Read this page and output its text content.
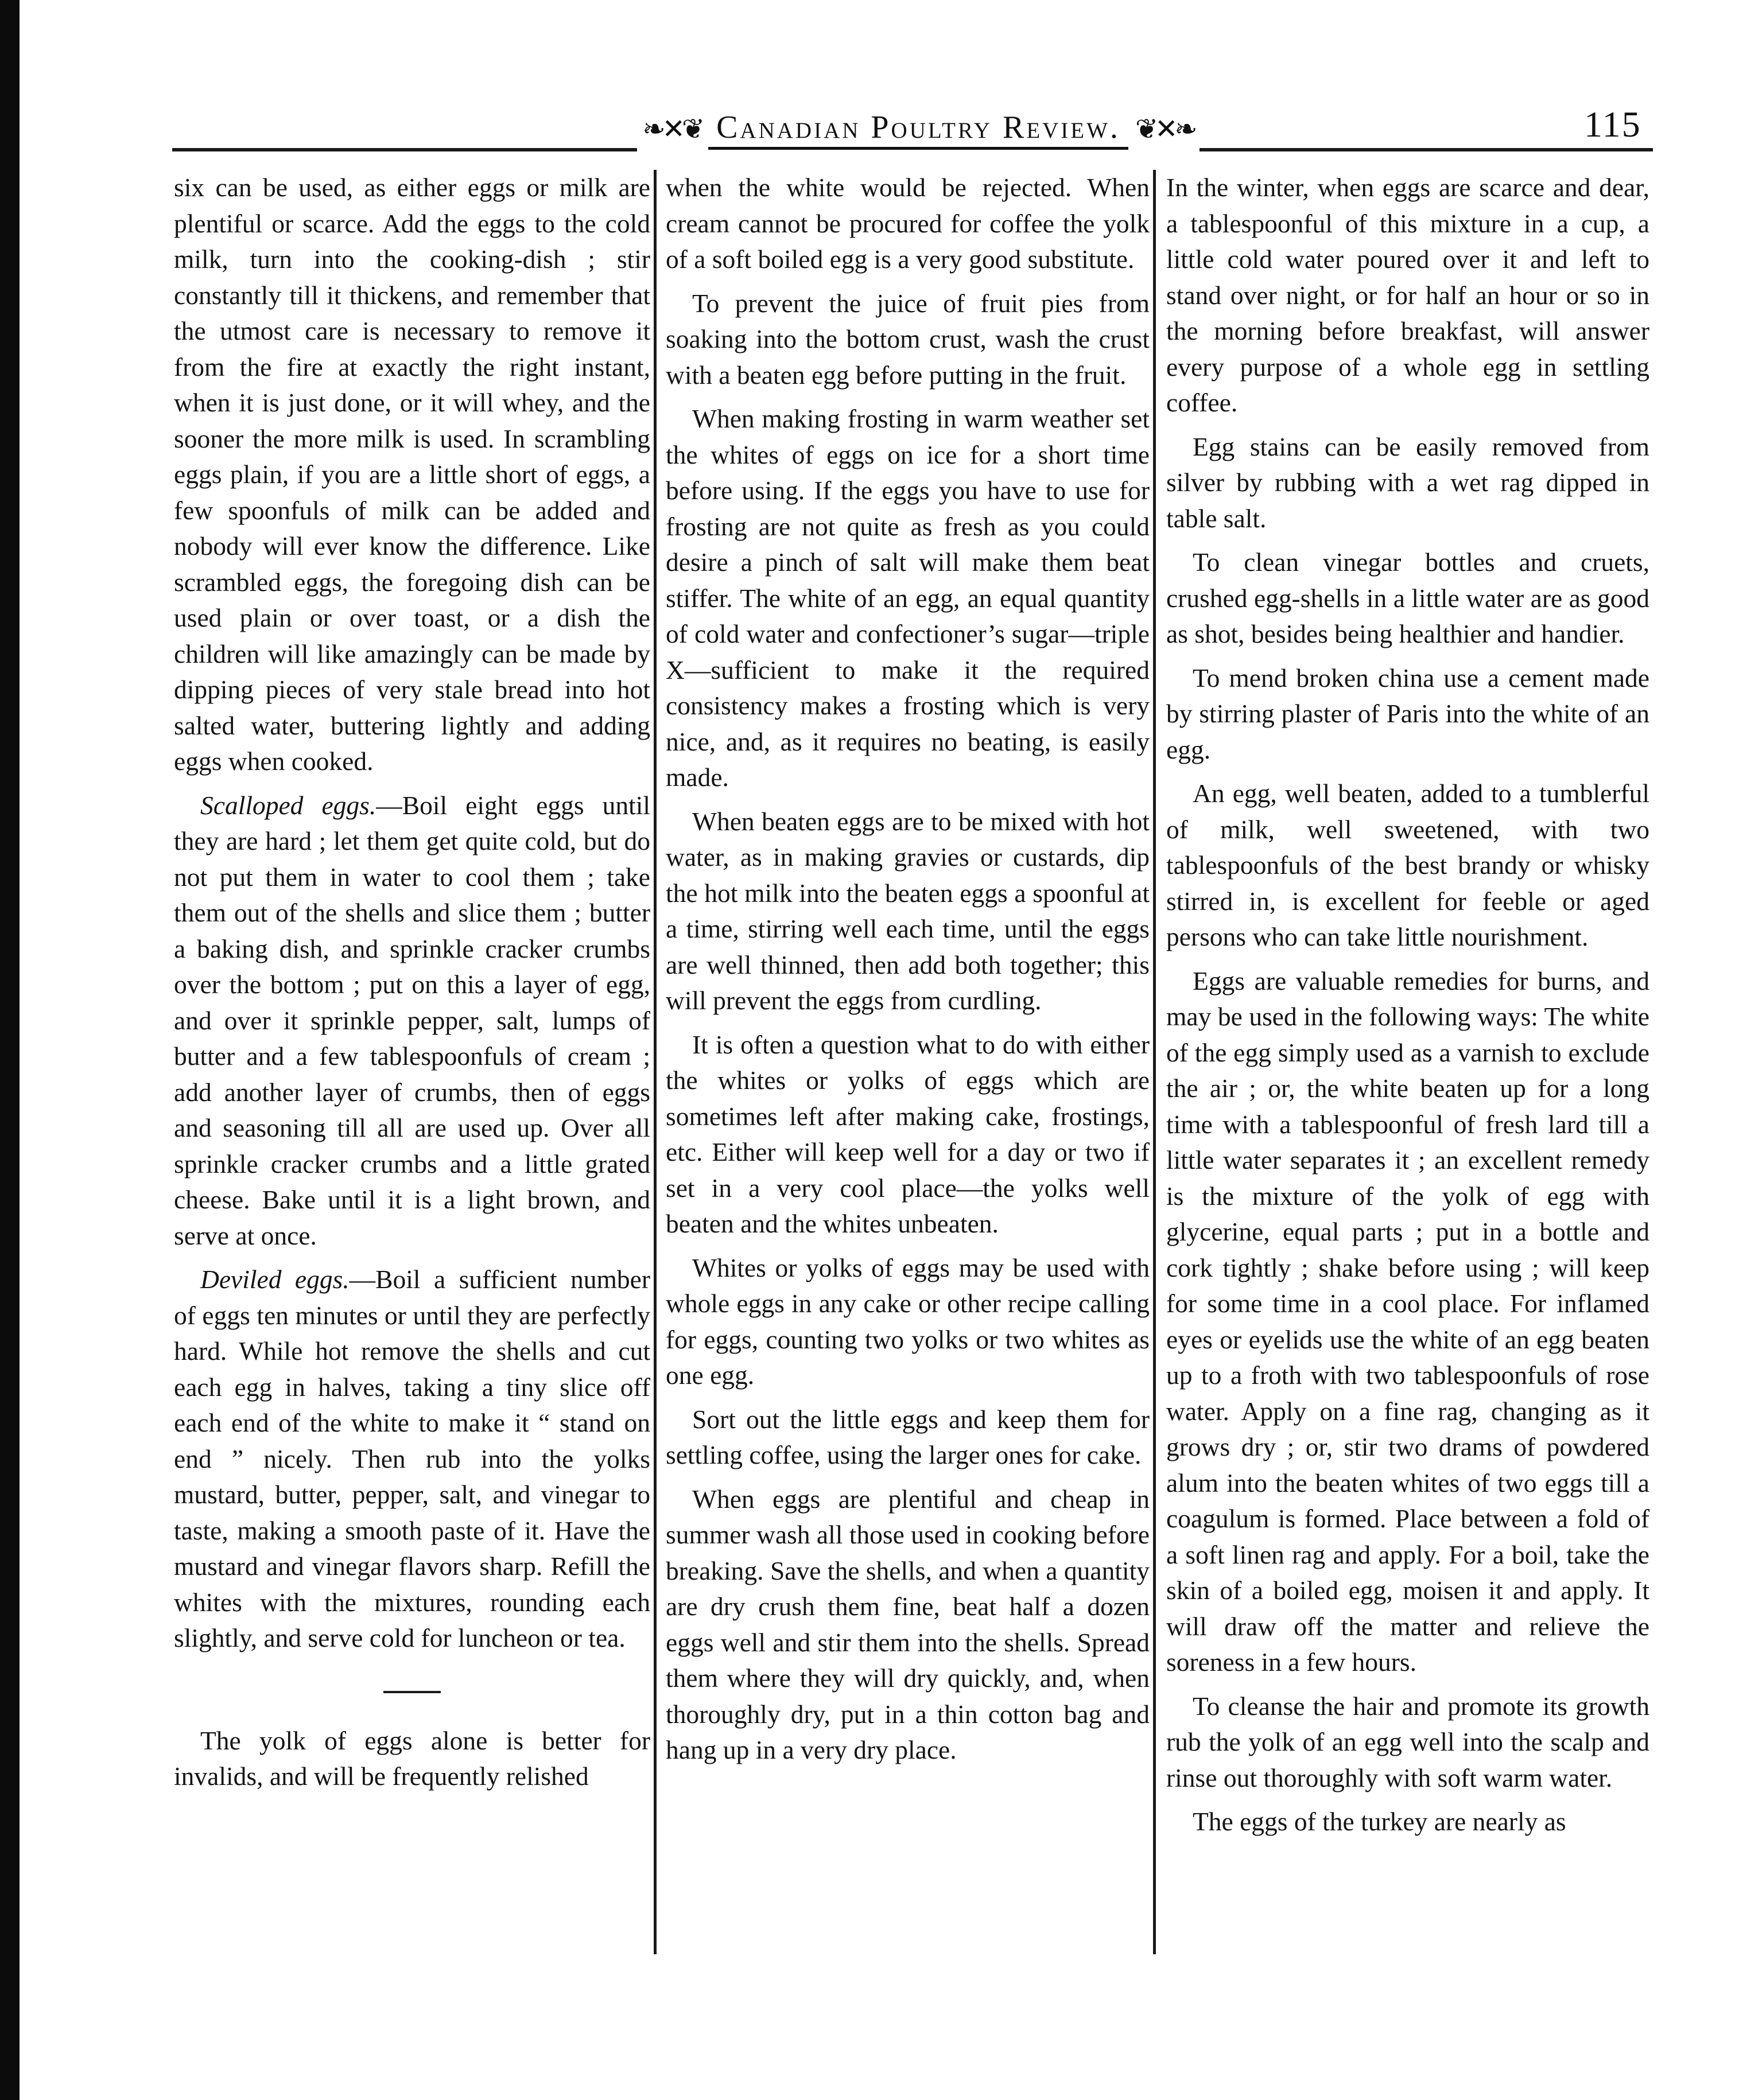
❧✕❦ Canadian Poultry Review. ❦✕❧	115

six can be used, as either eggs or milk are plentiful or scarce. Add the eggs to the cold milk, turn into the cooking-dish ; stir constantly till it thickens, and remember that the utmost care is necessary to remove it from the fire at exactly the right instant, when it is just done, or it will whey, and the sooner the more milk is used. In scrambling eggs plain, if you are a little short of eggs, a few spoonfuls of milk can be added and nobody will ever know the difference. Like scrambled eggs, the foregoing dish can be used plain or over toast, or a dish the children will like amazingly can be made by dipping pieces of very stale bread into hot salted water, buttering lightly and adding eggs when cooked.

Scalloped eggs.—Boil eight eggs until they are hard ; let them get quite cold, but do not put them in water to cool them ; take them out of the shells and slice them ; butter a baking dish, and sprinkle cracker crumbs over the bottom ; put on this a layer of egg, and over it sprinkle pepper, salt, lumps of butter and a few tablespoonfuls of cream ; add another layer of crumbs, then of eggs and seasoning till all are used up. Over all sprinkle cracker crumbs and a little grated cheese. Bake until it is a light brown, and serve at once.

Deviled eggs.—Boil a sufficient number of eggs ten minutes or until they are perfectly hard. While hot remove the shells and cut each egg in halves, taking a tiny slice off each end of the white to make it “ stand on end ” nicely. Then rub into the yolks mustard, butter, pepper, salt, and vinegar to taste, making a smooth paste of it. Have the mustard and vinegar flavors sharp. Refill the whites with the mixtures, rounding each slightly, and serve cold for luncheon or tea.

The yolk of eggs alone is better for invalids, and will be frequently relished

when the white would be rejected. When cream cannot be procured for coffee the yolk of a soft boiled egg is a very good substitute.

To prevent the juice of fruit pies from soaking into the bottom crust, wash the crust with a beaten egg before putting in the fruit.

When making frosting in warm weather set the whites of eggs on ice for a short time before using. If the eggs you have to use for frosting are not quite as fresh as you could desire a pinch of salt will make them beat stiffer. The white of an egg, an equal quantity of cold water and confectioner’s sugar—triple X—sufficient to make it the required consistency makes a frosting which is very nice, and, as it requires no beating, is easily made.

When beaten eggs are to be mixed with hot water, as in making gravies or custards, dip the hot milk into the beaten eggs a spoonful at a time, stirring well each time, until the eggs are well thinned, then add both together; this will prevent the eggs from curdling.

It is often a question what to do with either the whites or yolks of eggs which are sometimes left after making cake, frostings, etc. Either will keep well for a day or two if set in a very cool place—the yolks well beaten and the whites unbeaten.

Whites or yolks of eggs may be used with whole eggs in any cake or other recipe calling for eggs, counting two yolks or two whites as one egg.

Sort out the little eggs and keep them for settling coffee, using the larger ones for cake.

When eggs are plentiful and cheap in summer wash all those used in cooking before breaking. Save the shells, and when a quantity are dry crush them fine, beat half a dozen eggs well and stir them into the shells. Spread them where they will dry quickly, and, when thoroughly dry, put in a thin cotton bag and hang up in a very dry place.

In the winter, when eggs are scarce and dear, a tablespoonful of this mixture in a cup, a little cold water poured over it and left to stand over night, or for half an hour or so in the morning before breakfast, will answer every purpose of a whole egg in settling coffee.

Egg stains can be easily removed from silver by rubbing with a wet rag dipped in table salt.

To clean vinegar bottles and cruets, crushed egg-shells in a little water are as good as shot, besides being healthier and handier.

To mend broken china use a cement made by stirring plaster of Paris into the white of an egg.

An egg, well beaten, added to a tumblerful of milk, well sweetened, with two tablespoonfuls of the best brandy or whisky stirred in, is excellent for feeble or aged persons who can take little nourishment.

Eggs are valuable remedies for burns, and may be used in the following ways: The white of the egg simply used as a varnish to exclude the air ; or, the white beaten up for a long time with a tablespoonful of fresh lard till a little water separates it ; an excellent remedy is the mixture of the yolk of egg with glycerine, equal parts ; put in a bottle and cork tightly ; shake before using ; will keep for some time in a cool place. For inflamed eyes or eyelids use the white of an egg beaten up to a froth with two tablespoonfuls of rose water. Apply on a fine rag, changing as it grows dry ; or, stir two drams of powdered alum into the beaten whites of two eggs till a coagulum is formed. Place between a fold of a soft linen rag and apply. For a boil, take the skin of a boiled egg, moisen it and apply. It will draw off the matter and relieve the soreness in a few hours.

To cleanse the hair and promote its growth rub the yolk of an egg well into the scalp and rinse out thoroughly with soft warm water.

The eggs of the turkey are nearly as
